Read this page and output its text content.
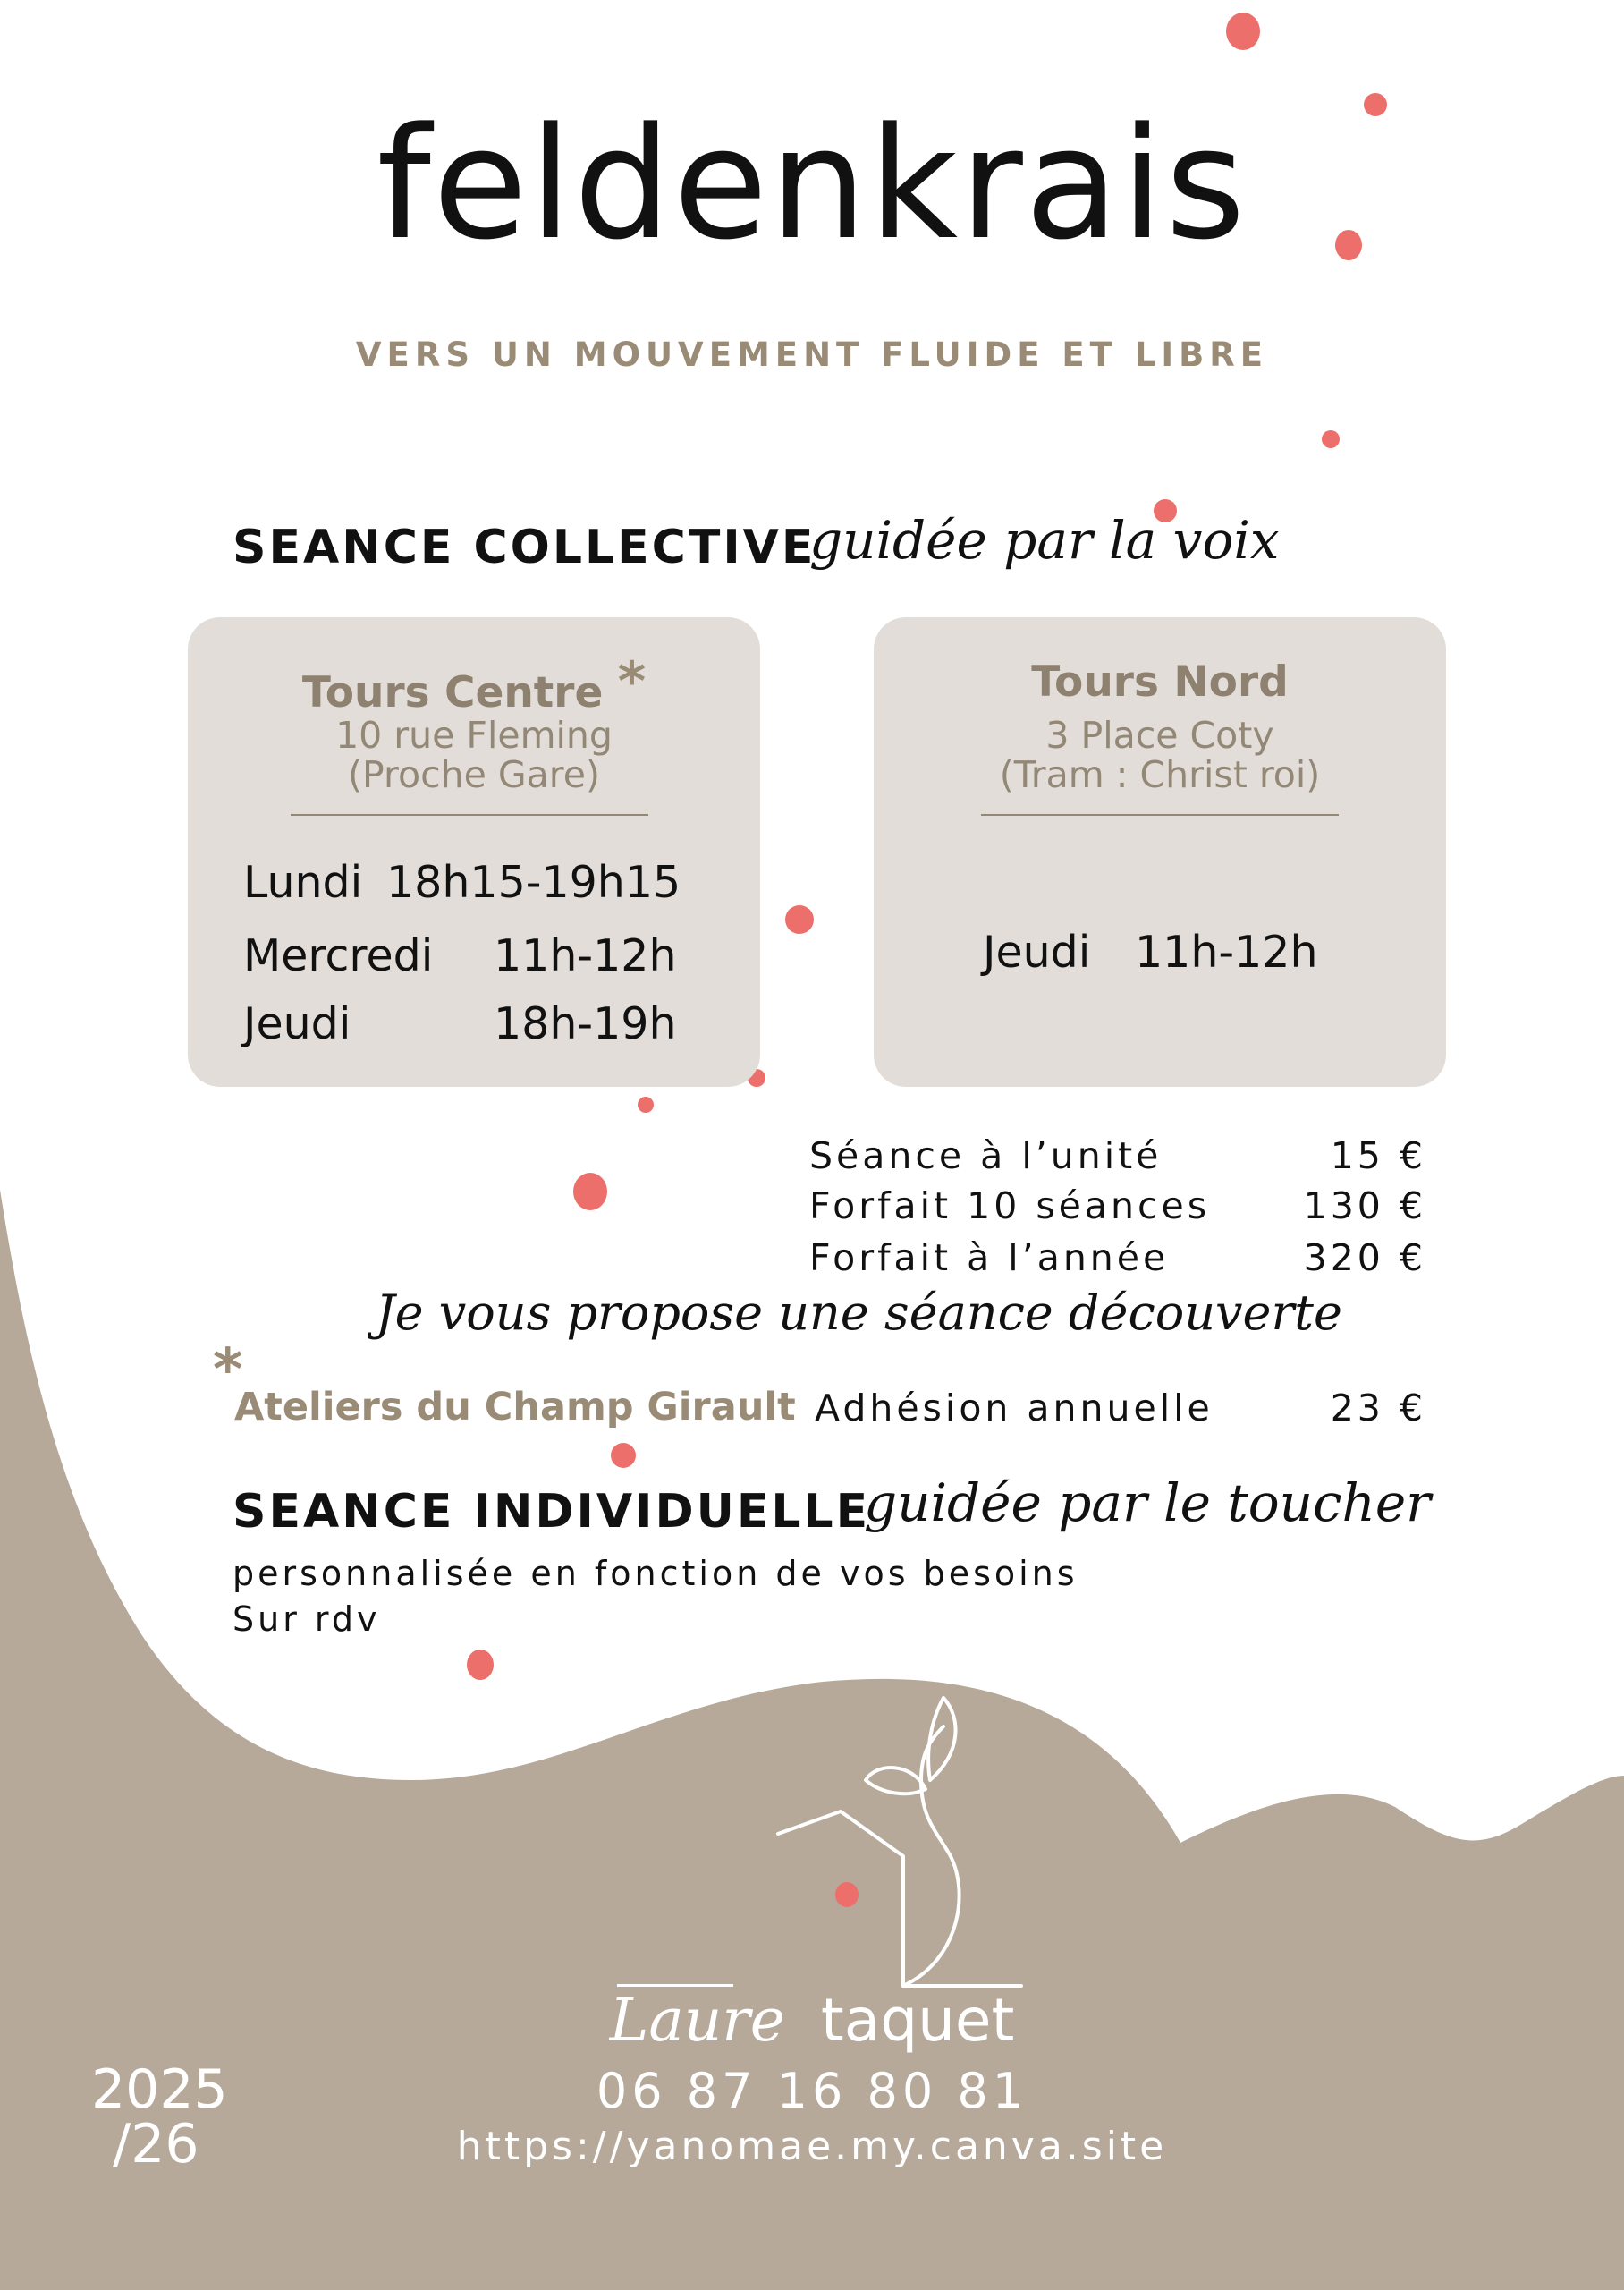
feldenkrais
VERS UN MOUVEMENT FLUIDE ET LIBRE
SEANCE COLLECTIVE
guidée par la voix
Tours Centre *
10 rue Fleming
(Proche Gare)
Lundi 18h15-19h15
Mercredi 11h-12h
Jeudi	18h-19h
Tours Nord
3 Place Coty
(Tram : Christ roi)
Jeudi 11h-12h
Séance à l’unité	15 €
Forfait 10 séances	130 €
Forfait à l’année	320 €
Je vous propose une séance découverte
*
Ateliers du Champ Girault Adhésion annuelle	23 €
SEANCE INDIVIDUELLE
guidée par le toucher
personnalisée en fonction de vos besoins
Sur rdv
Laure taquet
06 87 16 80 81
https://yanomae.my.canva.site
2025
/26
